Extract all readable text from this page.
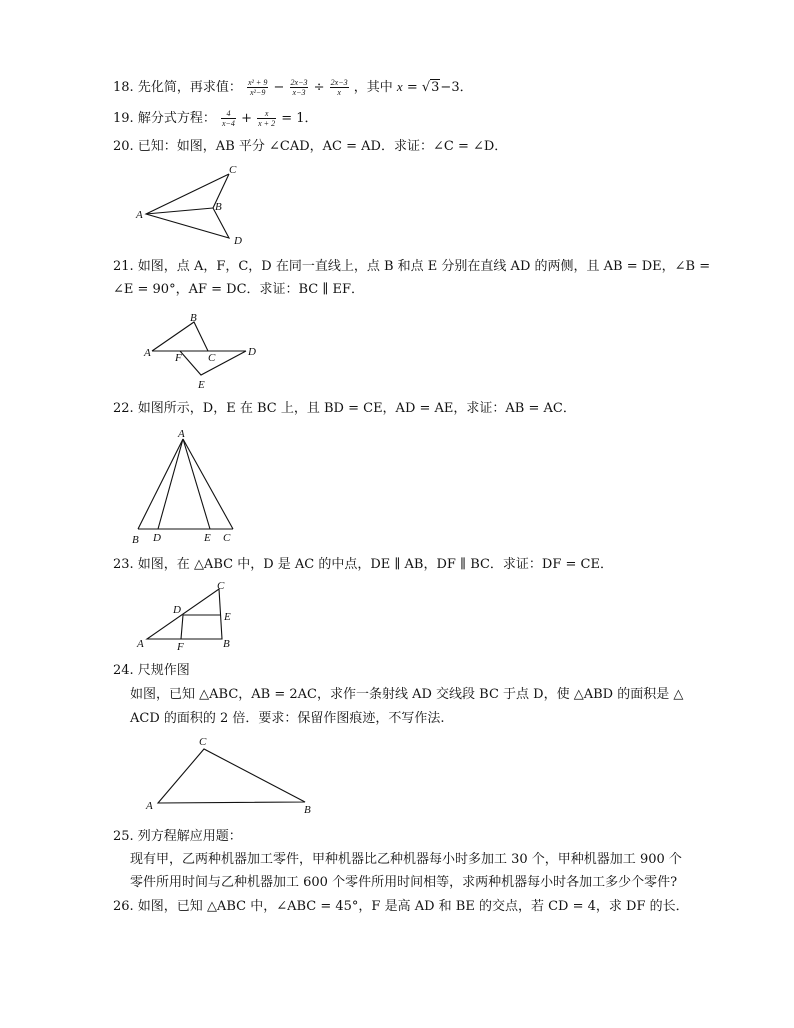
18. 先化简，再求值： $\frac{\text{x² + 9}}{\text{x²−9}} - \frac{2x-3}{x-3} \div \frac{2x-3}{x}$ ，其中 x = √3−3．
19. 解分式方程： $\frac{4}{x-4} + \frac{x}{x + 2} = 1$．
20. 已知：如图，AB 平分 ∠CAD，AC = AD．求证：∠C = ∠D．
A
B
C
D
21. 如图，点 A，F，C，D 在同一直线上，点 B 和点 E 分别在直线 AD 的两侧，且 AB = DE，∠B =
∠E = 90°，AF = DC．求证：BC ∥ EF．
A
B
C	D
E
F
22. 如图所示，D，E 在 BC 上，且 BD = CE，AD = AE，求证：AB = AC．
A
B D	E C
23. 如图，在 △ABC 中，D 是 AC 的中点，DE ∥ AB，DF ∥ BC．求证：DF = CE．
A	B
C
D
E
F
24. 尺规作图
如图，已知 △ABC，AB = 2AC，求作一条射线 AD 交线段 BC 于点 D，使 △ABD 的面积是 △
ACD 的面积的 2 倍．要求：保留作图痕迹，不写作法.
A	B
C
25. 列方程解应用题：
现有甲，乙两种机器加工零件，甲种机器比乙种机器每小时多加工 30 个，甲种机器加工 900 个
零件所用时间与乙种机器加工 600 个零件所用时间相等，求两种机器每小时各加工多少个零件?
26. 如图，已知 △ABC 中，∠ABC = 45°，F 是高 AD 和 BE 的交点，若 CD = 4，求 DF 的长．
